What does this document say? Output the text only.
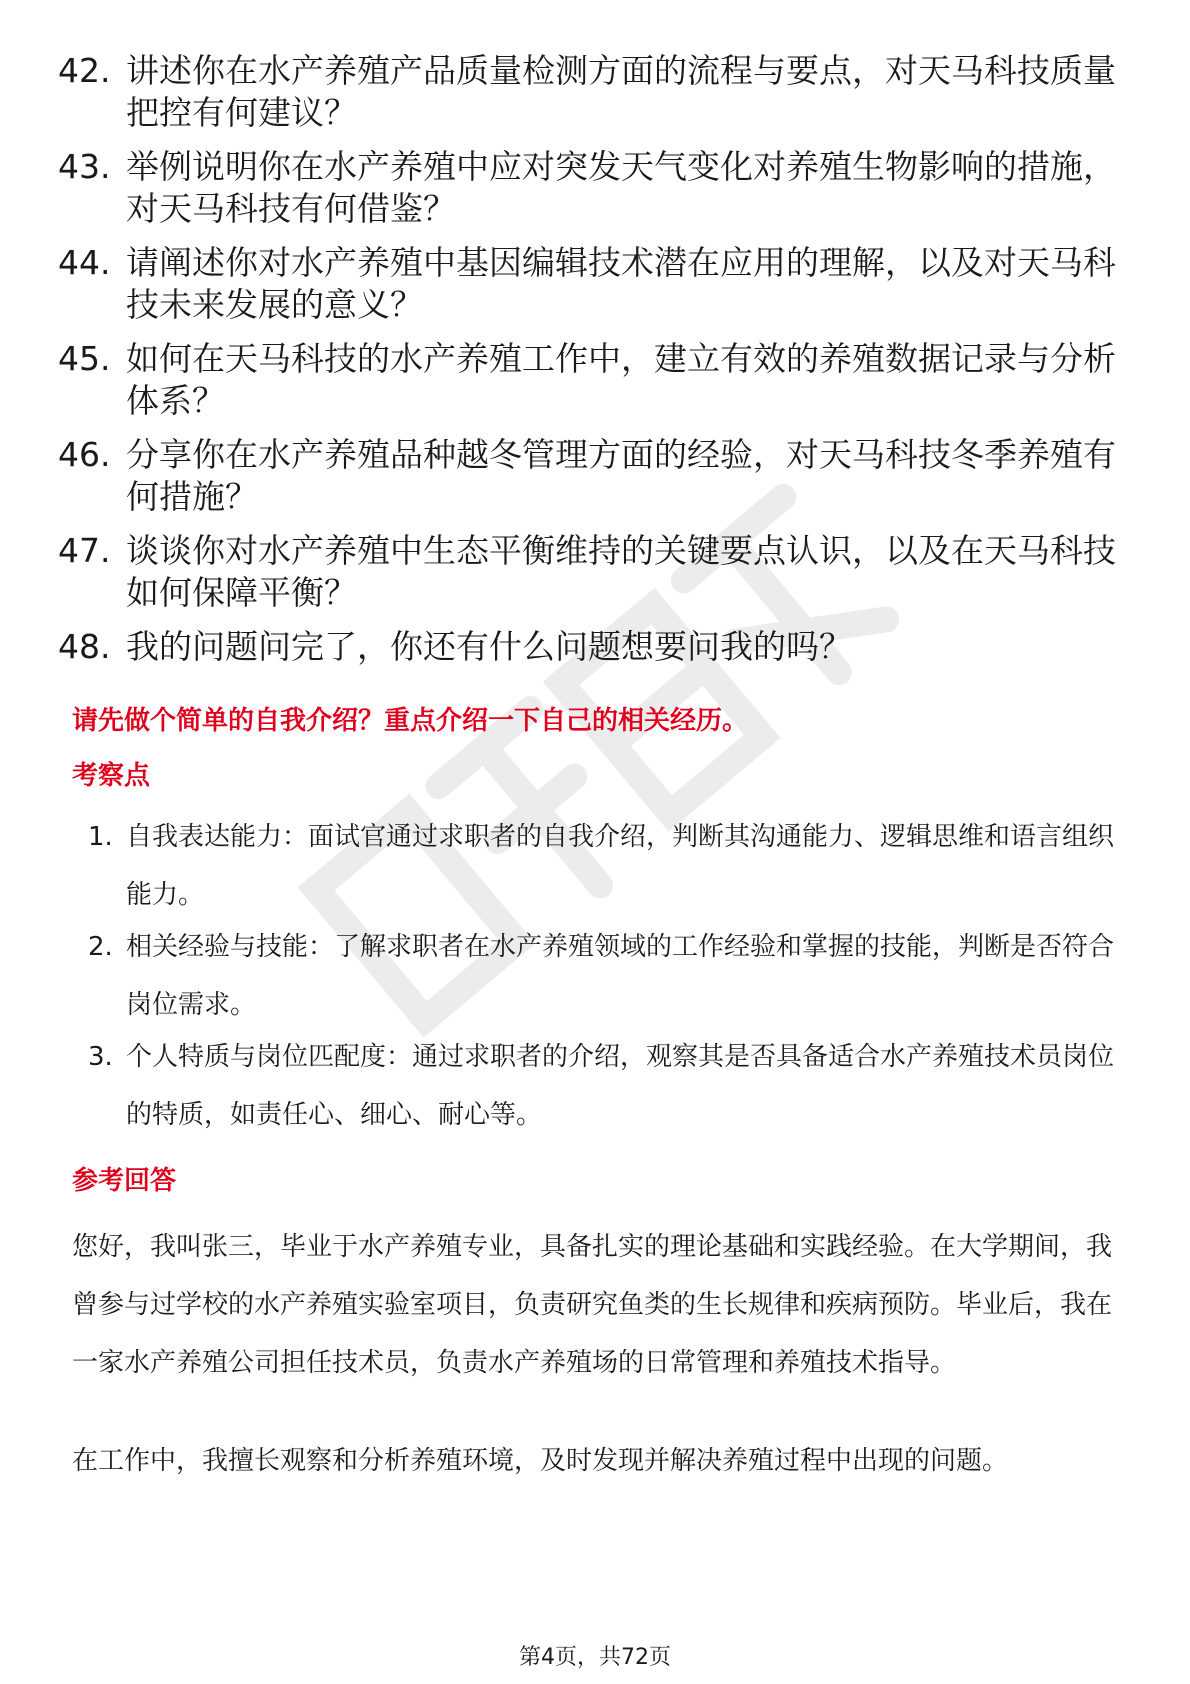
42. 讲述你在水产养殖产品质量检测方面的流程与要点，对天马科技质量把控有何建议？
43. 举例说明你在水产养殖中应对突发天气变化对养殖生物影响的措施，对天马科技有何借鉴？
44. 请阐述你对水产养殖中基因编辑技术潜在应用的理解，以及对天马科技未来发展的意义？
45. 如何在天马科技的水产养殖工作中，建立有效的养殖数据记录与分析体系？
46. 分享你在水产养殖品种越冬管理方面的经验，对天马科技冬季养殖有何措施？
47. 谈谈你对水产养殖中生态平衡维持的关键要点认识，以及在天马科技如何保障平衡？
48. 我的问题问完了，你还有什么问题想要问我的吗？
请先做个简单的自我介绍？重点介绍一下自己的相关经历。
考察点
1. 自我表达能力：面试官通过求职者的自我介绍，判断其沟通能力、逻辑思维和语言组织能力。
2. 相关经验与技能：了解求职者在水产养殖领域的工作经验和掌握的技能，判断是否符合岗位需求。
3. 个人特质与岗位匹配度：通过求职者的介绍，观察其是否具备适合水产养殖技术员岗位的特质，如责任心、细心、耐心等。
参考回答
您好，我叫张三，毕业于水产养殖专业，具备扎实的理论基础和实践经验。在大学期间，我曾参与过学校的水产养殖实验室项目，负责研究鱼类的生长规律和疾病预防。毕业后，我在一家水产养殖公司担任技术员，负责水产养殖场的日常管理和养殖技术指导。
在工作中，我擅长观察和分析养殖环境，及时发现并解决养殖过程中出现的问题。
第4页，共72页
